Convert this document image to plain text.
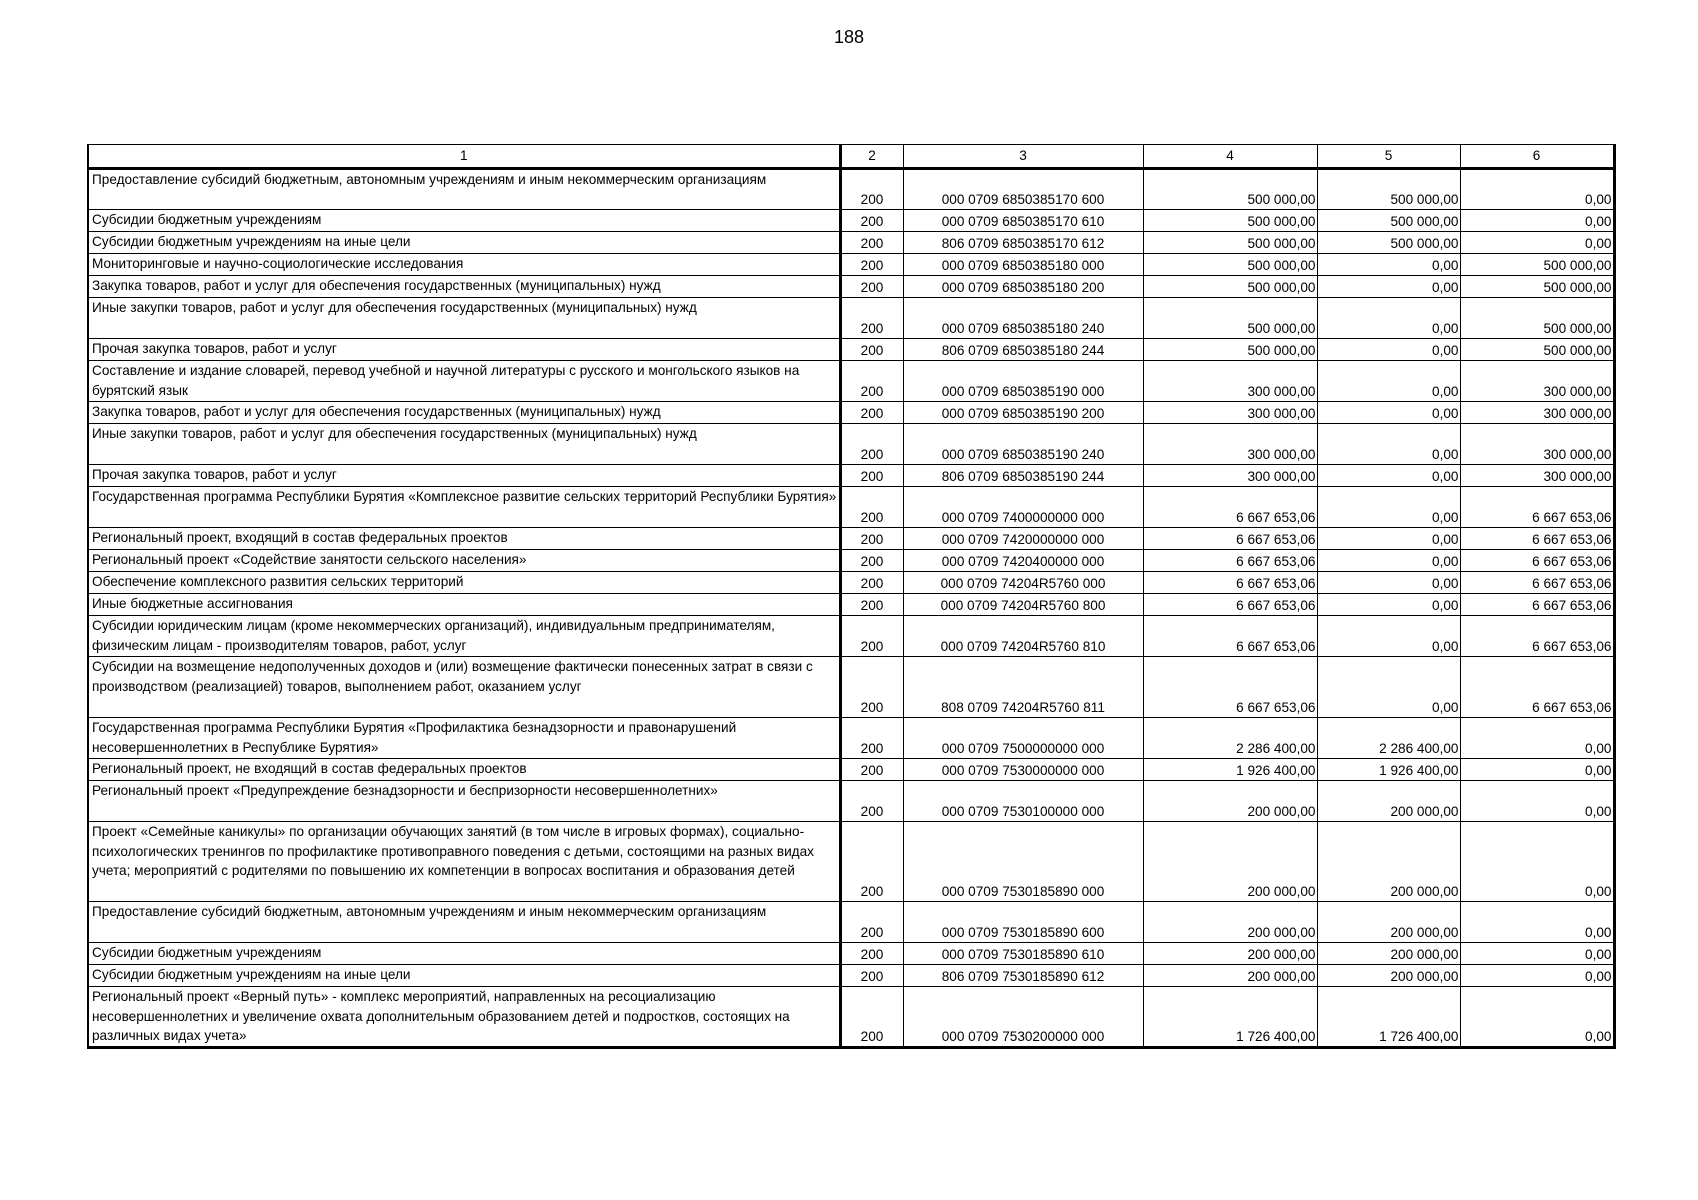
188
1	2	3	4	5	6
Предоставление субсидий бюджетным, автономным учреждениям и иным некоммерческим организациям	200	000 0709 6850385170 600	500 000,00	500 000,00	0,00
Субсидии бюджетным учреждениям	200	000 0709 6850385170 610	500 000,00	500 000,00	0,00
Субсидии бюджетным учреждениям на иные цели	200	806 0709 6850385170 612	500 000,00	500 000,00	0,00
Мониторинговые и научно-социологические исследования	200	000 0709 6850385180 000	500 000,00	0,00	500 000,00
Закупка товаров, работ и услуг для обеспечения государственных (муниципальных) нужд	200	000 0709 6850385180 200	500 000,00	0,00	500 000,00
Иные закупки товаров, работ и услуг для обеспечения государственных (муниципальных) нужд	200	000 0709 6850385180 240	500 000,00	0,00	500 000,00
Прочая закупка товаров, работ и услуг	200	806 0709 6850385180 244	500 000,00	0,00	500 000,00
Составление и издание словарей, перевод учебной и научной литературы с русского и монгольского языков на бурятский язык	200	000 0709 6850385190 000	300 000,00	0,00	300 000,00
Закупка товаров, работ и услуг для обеспечения государственных (муниципальных) нужд	200	000 0709 6850385190 200	300 000,00	0,00	300 000,00
Иные закупки товаров, работ и услуг для обеспечения государственных (муниципальных) нужд	200	000 0709 6850385190 240	300 000,00	0,00	300 000,00
Прочая закупка товаров, работ и услуг	200	806 0709 6850385190 244	300 000,00	0,00	300 000,00
Государственная программа Республики Бурятия «Комплексное развитие сельских территорий Республики Бурятия»	200	000 0709 7400000000 000	6 667 653,06	0,00	6 667 653,06
Региональный проект, входящий в состав федеральных проектов	200	000 0709 7420000000 000	6 667 653,06	0,00	6 667 653,06
Региональный проект «Содействие занятости сельского населения»	200	000 0709 7420400000 000	6 667 653,06	0,00	6 667 653,06
Обеспечение комплексного развития сельских территорий	200	000 0709 74204R5760 000	6 667 653,06	0,00	6 667 653,06
Иные бюджетные ассигнования	200	000 0709 74204R5760 800	6 667 653,06	0,00	6 667 653,06
Субсидии юридическим лицам (кроме некоммерческих организаций), индивидуальным предпринимателям, физическим лицам - производителям товаров, работ, услуг	200	000 0709 74204R5760 810	6 667 653,06	0,00	6 667 653,06
Субсидии на возмещение недополученных доходов и (или) возмещение фактически понесенных затрат в связи с производством (реализацией) товаров, выполнением работ, оказанием услуг	200	808 0709 74204R5760 811	6 667 653,06	0,00	6 667 653,06
Государственная программа Республики Бурятия «Профилактика безнадзорности и правонарушений несовершеннолетних в Республике Бурятия»	200	000 0709 7500000000 000	2 286 400,00	2 286 400,00	0,00
Региональный проект, не входящий в состав федеральных проектов	200	000 0709 7530000000 000	1 926 400,00	1 926 400,00	0,00
Региональный проект «Предупреждение безнадзорности и беспризорности несовершеннолетних»	200	000 0709 7530100000 000	200 000,00	200 000,00	0,00
Проект «Семейные каникулы» по организации обучающих занятий (в том числе в игровых формах), социально-психологических тренингов по профилактике противоправного поведения с детьми, состоящими на разных видах учета; мероприятий с родителями по повышению их компетенции в вопросах воспитания и образования детей	200	000 0709 7530185890 000	200 000,00	200 000,00	0,00
Предоставление субсидий бюджетным, автономным учреждениям и иным некоммерческим организациям	200	000 0709 7530185890 600	200 000,00	200 000,00	0,00
Субсидии бюджетным учреждениям	200	000 0709 7530185890 610	200 000,00	200 000,00	0,00
Субсидии бюджетным учреждениям на иные цели	200	806 0709 7530185890 612	200 000,00	200 000,00	0,00
Региональный проект «Верный путь» - комплекс мероприятий, направленных на ресоциализацию несовершеннолетних и увеличение охвата дополнительным образованием детей и подростков, состоящих на различных видах учета»	200	000 0709 7530200000 000	1 726 400,00	1 726 400,00	0,00
